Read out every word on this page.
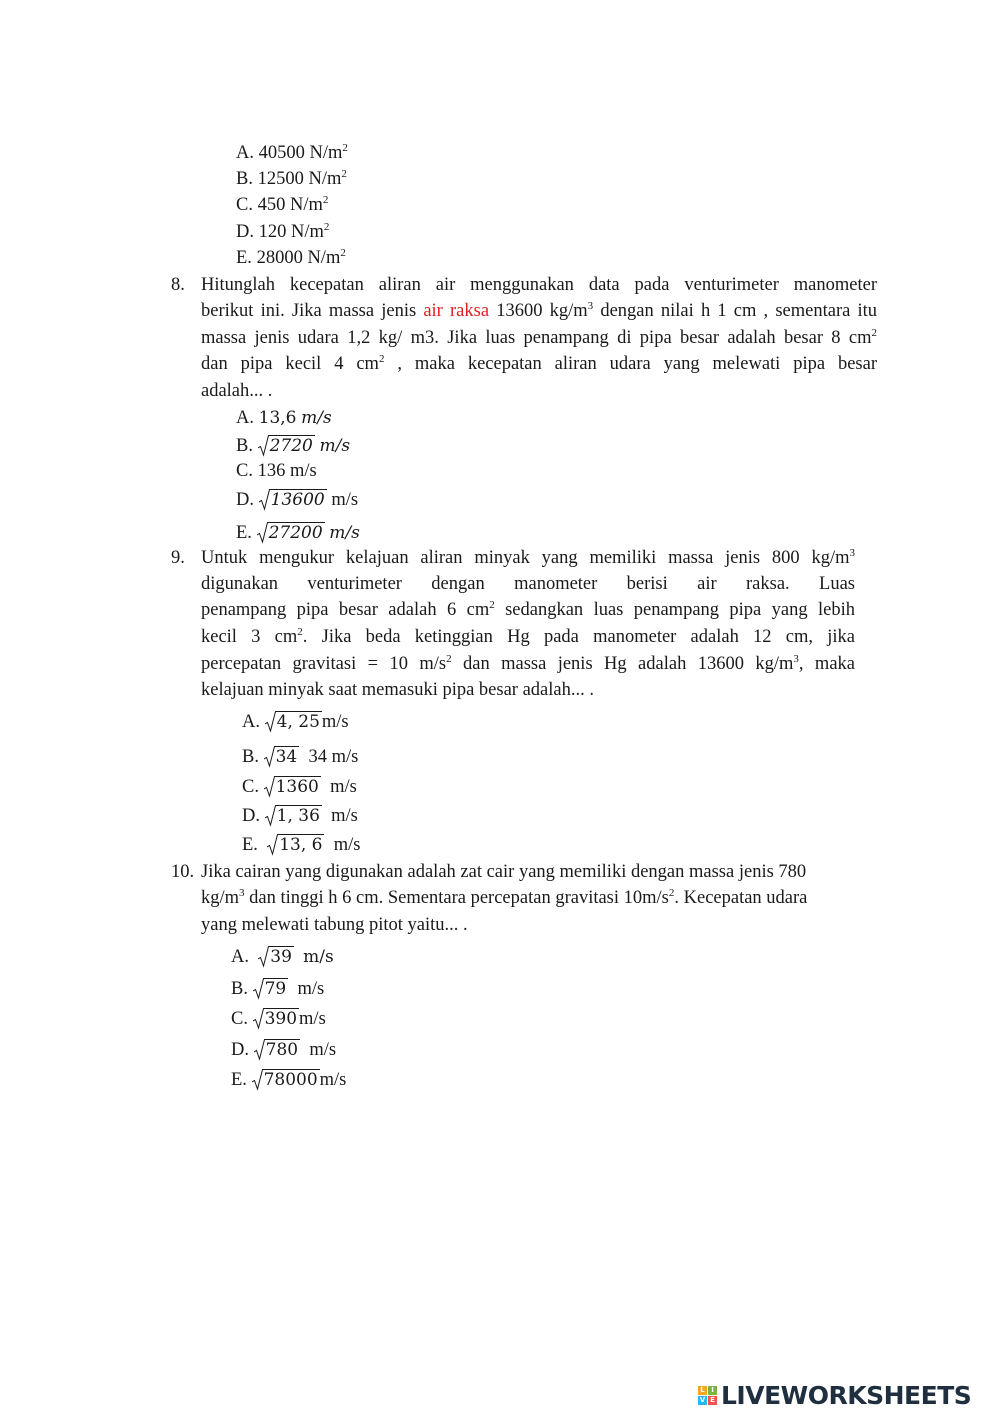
A. 40500 $N/m^2$
B. 12500 $N/m^2$
C. 450 $N/m^2$
D. 120 $N/m^2$
E. 28000 $N/m^2$
8. Hitunglah kecepatan aliran air menggunakan data pada venturimeter manometer
berikut ini. Jika massa jenis air raksa 13600 $kg/m^3$ dengan nilai h 1 cm , sementara itu
massa jenis udara 1,2 kg/ m3. Jika luas penampang di pipa besar adalah besar 8 $cm^2$
dan pipa kecil 4 $cm^2$ , maka kecepatan aliran udara yang melewati pipa besar
adalah... .
A. 13,6 m/s
B. 2720 m/s
C. 136 m/s
D. 13600 m/s
E. 27200 m/s
9. Untuk mengukur kelajuan aliran minyak yang memiliki massa jenis 800 $kg/m^3$
digunakan venturimeter dengan manometer berisi air raksa. Luas
penampang pipa besar adalah 6 $cm^2$ sedangkan luas penampang pipa yang lebih
kecil 3 $cm^2$. Jika beda ketinggian Hg pada manometer adalah 12 cm, jika
percepatan gravitasi = 10 $m/s^2$ dan massa jenis Hg adalah 13600 $kg/m^3$, maka
kelajuan minyak saat memasuki pipa besar adalah... .
A. 4, 25 m/s
B. 34 34 m/s
C. 1360 m/s
D. 1, 36 m/s
E. 13, 6 m/s
10. Jika cairan yang digunakan adalah zat cair yang memiliki dengan massa jenis 780
$kg/m^3$ dan tinggi h 6 cm. Sementara percepatan gravitasi $10m/s^2$. Kecepatan udara
yang melewati tabung pitot yaitu... .
A. 39 m/s
B. 79 m/s
C. 390 m/s
D. 780 m/s
E. 78000 m/s
L I
V E LIVEWORKSHEETS
